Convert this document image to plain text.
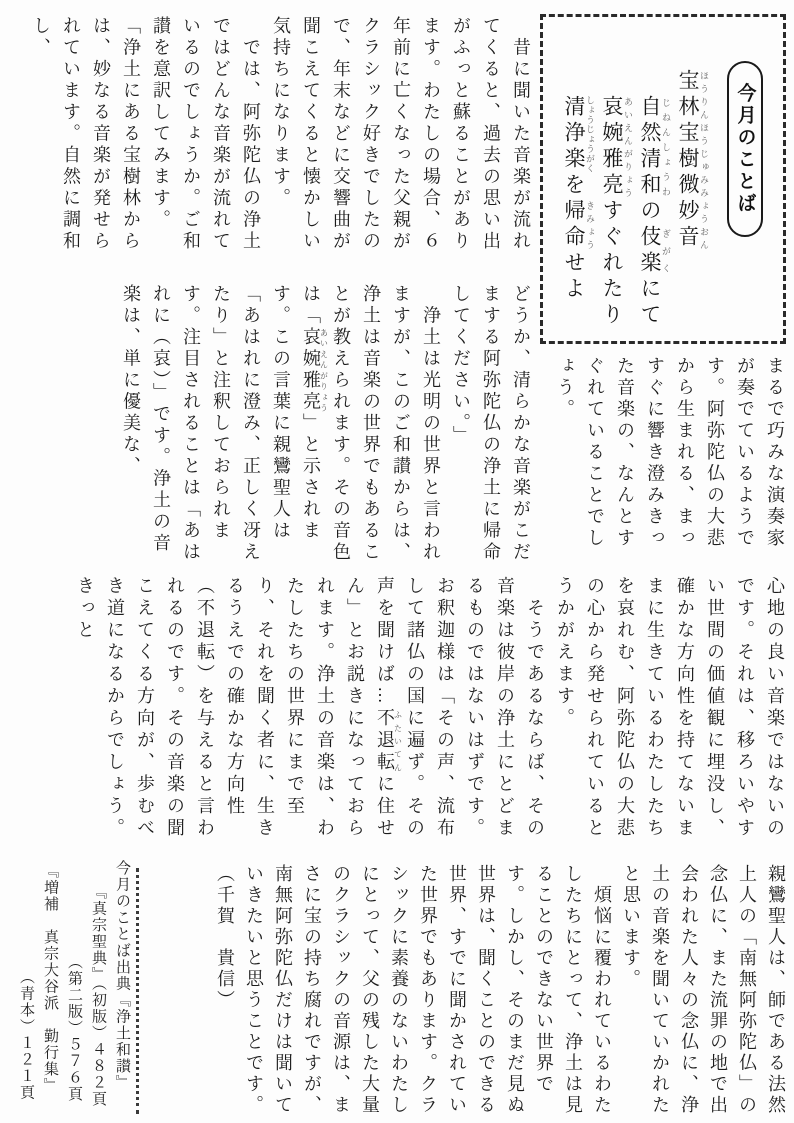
今月のことば
宝林宝樹 ほうりんほうじゅ微妙音 みみょうおん
自然清和 じねんしょうわの伎楽 ぎがくにて
哀婉雅亮 あいえんがりょうすぐれたり
清浄楽 しょうじょうがくを帰命 きみょうせよ

　昔に聞いた音楽が流れてくると、過去の思い出がふっと蘇ることがあります。わたしの場合、６年前に亡くなった父親がクラシック好きでしたので、年末などに交響曲が聞こえてくると懐かしい気持ちになります。

　では、阿弥陀仏の浄土ではどんな音楽が流れているのでしょうか。ご和讃を意訳してみます。

「浄土にある宝樹林からは、妙なる音楽が発せられています。自然に調和し、

まるで巧みな演奏家が奏でているようです。阿弥陀仏の大悲から生まれる、まっすぐに響き澄みきった音楽の、なんとすぐれていることでしょう。

どうか、清らかな音楽がこだまする阿弥陀仏の浄土に帰命してください。」

　浄土は光明の世界と言われますが、このご和讃からは、浄土は音楽の世界でもあることが教えられます。その音色は「哀婉雅亮あいえんがりょう」と示されます。この言葉に親鸞聖人は「あはれに澄み、正しく冴えたり」と注釈しておられます。注目されることは「あはれに（哀）」です。浄土の音楽は、単に優美な、

心地の良い音楽ではないのです。それは、移ろいやすい世間の価値観に埋没し、確かな方向性を持てないままに生きているわたしたちを哀れむ、阿弥陀仏の大悲の心から発せられているとうかがえます。

　そうであるならば、その音楽は彼岸の浄土にとどまるものではないはずです。お釈迦様は「その声、流布して諸仏の国に遍ず。その声を聞けば…不退転ふたいてんに住せん」とお説きになっておられます。浄土の音楽は、わたしたちの世界にまで至り、それを聞く者に、生きるうえでの確かな方向性（不退転）を与えると言われるのです。その音楽の聞こえてくる方向が、歩むべき道になるからでしょう。きっと

親鸞聖人は、師である法然上人の「南無阿弥陀仏」の念仏に、また流罪の地で出会われた人々の念仏に、浄土の音楽を聞いていかれたと思います。

　煩悩に覆われているわたしたちにとって、浄土は見ることのできない世界です。しかし、そのまだ見ぬ世界は、聞くことのできる世界、すでに聞かされていた世界でもあります。クラシックに素養のないわたしにとって、父の残した大量のクラシックの音源は、まさに宝の持ち腐れですが、南無阿弥陀仏だけは聞いていきたいと思うことです。（千賀　貴信）

今月のことば出典『浄土和讃』
『真宗聖典』（初版）４８２頁
（第二版）５７６頁
『増補　真宗大谷派　勤行集』
（青本）１２１頁
